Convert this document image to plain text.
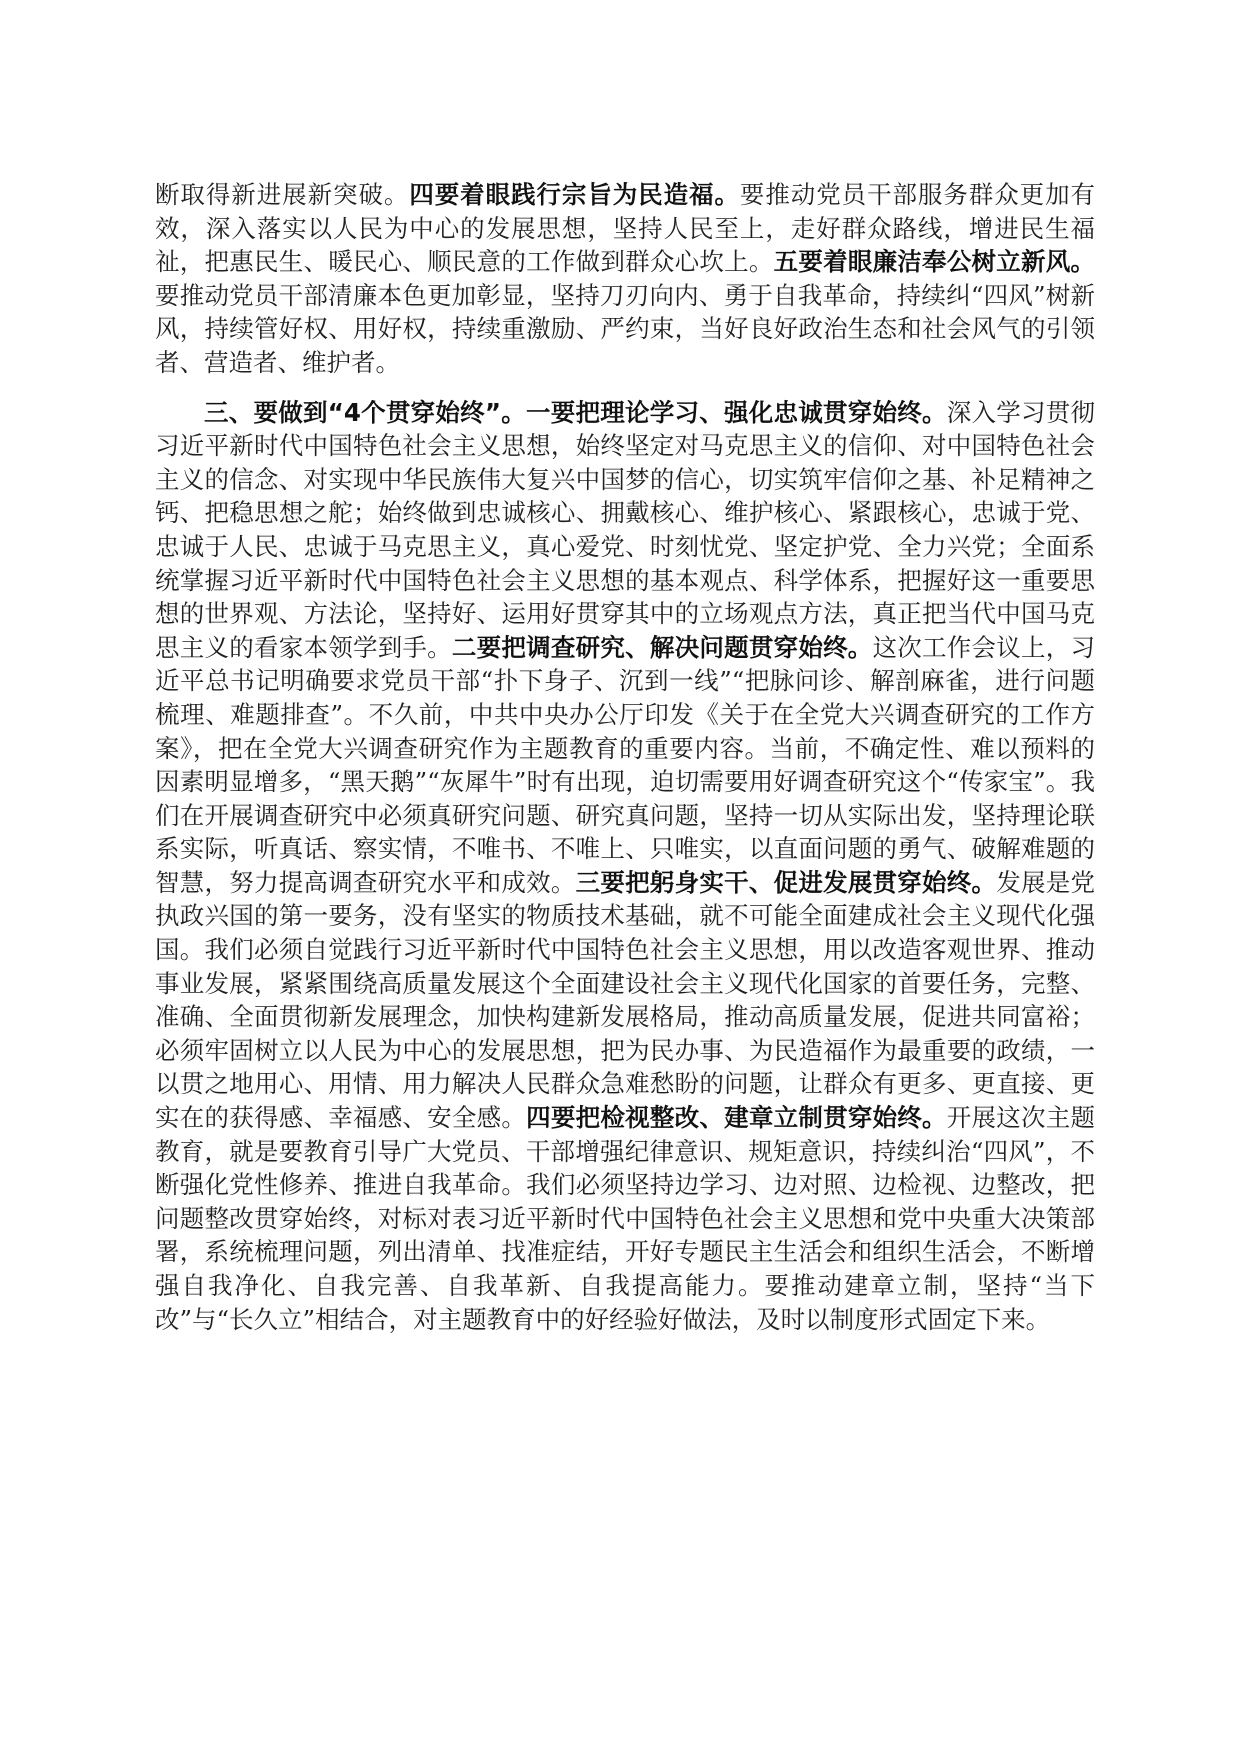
断取得新进展新突破。四要着眼践行宗旨为民造福。要推动党员干部服务群众更加有效，深入落实以人民为中心的发展思想，坚持人民至上，走好群众路线，增进民生福祉，把惠民生、暖民心、顺民意的工作做到群众心坎上。五要着眼廉洁奉公树立新风。要推动党员干部清廉本色更加彰显，坚持刀刃向内、勇于自我革命，持续纠“四风”树新风，持续管好权、用好权，持续重激励、严约束，当好良好政治生态和社会风气的引领者、营造者、维护者。

三、要做到“4个贯穿始终”。一要把理论学习、强化忠诚贯穿始终。深入学习贯彻习近平新时代中国特色社会主义思想，始终坚定对马克思主义的信仰、对中国特色社会主义的信念、对实现中华民族伟大复兴中国梦的信心，切实筑牢信仰之基、补足精神之钙、把稳思想之舵；始终做到忠诚核心、拥戴核心、维护核心、紧跟核心，忠诚于党、忠诚于人民、忠诚于马克思主义，真心爱党、时刻忧党、坚定护党、全力兴党；全面系统掌握习近平新时代中国特色社会主义思想的基本观点、科学体系，把握好这一重要思想的世界观、方法论，坚持好、运用好贯穿其中的立场观点方法，真正把当代中国马克思主义的看家本领学到手。二要把调查研究、解决问题贯穿始终。这次工作会议上，习近平总书记明确要求党员干部“扑下身子、沉到一线”“把脉问诊、解剖麻雀，进行问题梳理、难题排查”。不久前，中共中央办公厅印发《关于在全党大兴调查研究的工作方案》，把在全党大兴调查研究作为主题教育的重要内容。当前，不确定性、难以预料的因素明显增多，“黑天鹅”“灰犀牛”时有出现，迫切需要用好调查研究这个“传家宝”。我们在开展调查研究中必须真研究问题、研究真问题，坚持一切从实际出发，坚持理论联系实际，听真话、察实情，不唯书、不唯上、只唯实，以直面问题的勇气、破解难题的智慧，努力提高调查研究水平和成效。三要把躬身实干、促进发展贯穿始终。发展是党执政兴国的第一要务，没有坚实的物质技术基础，就不可能全面建成社会主义现代化强国。我们必须自觉践行习近平新时代中国特色社会主义思想，用以改造客观世界、推动事业发展，紧紧围绕高质量发展这个全面建设社会主义现代化国家的首要任务，完整、准确、全面贯彻新发展理念，加快构建新发展格局，推动高质量发展，促进共同富裕；必须牢固树立以人民为中心的发展思想，把为民办事、为民造福作为最重要的政绩，一以贯之地用心、用情、用力解决人民群众急难愁盼的问题，让群众有更多、更直接、更实在的获得感、幸福感、安全感。四要把检视整改、建章立制贯穿始终。开展这次主题教育，就是要教育引导广大党员、干部增强纪律意识、规矩意识，持续纠治“四风”，不断强化党性修养、推进自我革命。我们必须坚持边学习、边对照、边检视、边整改，把问题整改贯穿始终，对标对表习近平新时代中国特色社会主义思想和党中央重大决策部署，系统梳理问题，列出清单、找准症结，开好专题民主生活会和组织生活会，不断增强自我净化、自我完善、自我革新、自我提高能力。要推动建章立制，坚持“当下改”与“长久立”相结合，对主题教育中的好经验好做法，及时以制度形式固定下来。
